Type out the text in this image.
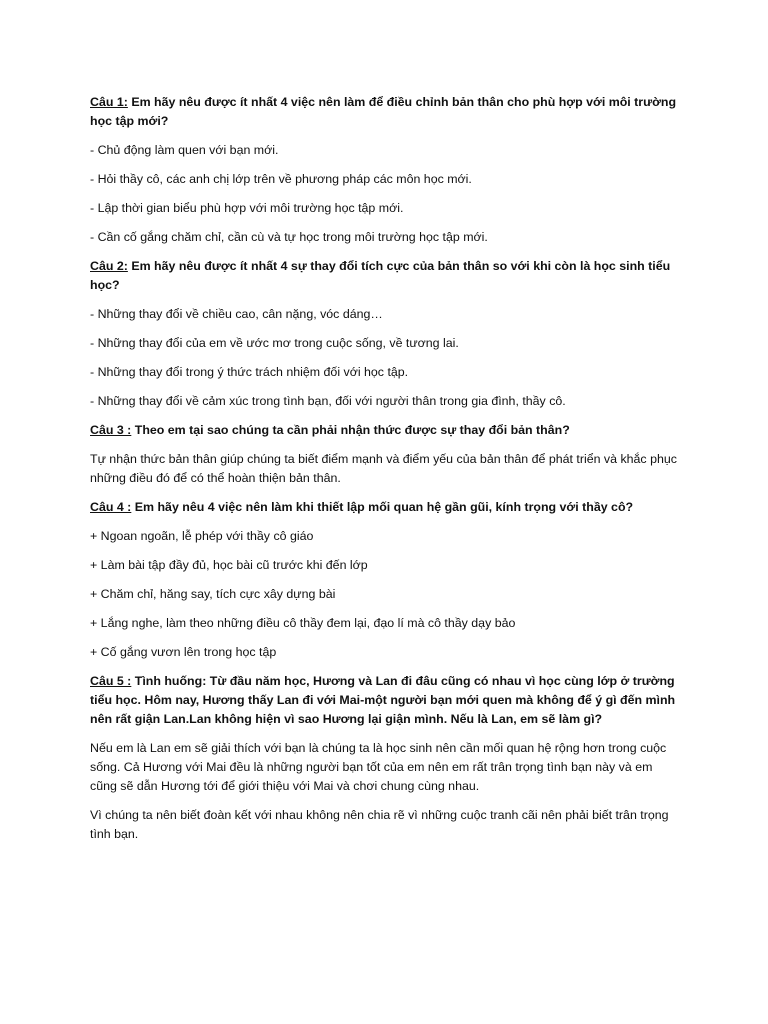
Câu 1: Em hãy nêu được ít nhất 4 việc nên làm để điều chỉnh bản thân cho phù hợp với môi trường học tập mới?

- Chủ động làm quen với bạn mới.

- Hỏi thầy cô, các anh chị lớp trên về phương pháp các môn học mới.

- Lập thời gian biểu phù hợp với môi trường học tập mới.

- Cần cố gắng chăm chỉ, cần cù và tự học trong môi trường học tập mới.

Câu 2: Em hãy nêu được ít nhất 4 sự thay đổi tích cực của bản thân so với khi còn là học sinh tiểu học?

- Những thay đổi về chiều cao, cân nặng, vóc dáng…

- Những thay đổi của em về ước mơ trong cuộc sống, về tương lai.

- Những thay đổi trong ý thức trách nhiệm đối với học tập.

- Những thay đổi về cảm xúc trong tình bạn, đối với người thân trong gia đình, thầy cô.

Câu 3 : Theo em tại sao chúng ta cần phải nhận thức được sự thay đổi bản thân?

Tự nhận thức bản thân giúp chúng ta biết điểm mạnh và điểm yếu của bản thân để phát triển và khắc phục những điều đó để có thể hoàn thiện bản thân.

Câu 4 : Em hãy nêu 4 việc nên làm khi thiết lập mối quan hệ gần gũi, kính trọng với thầy cô?

+ Ngoan ngoãn, lễ phép với thầy cô giáo

+ Làm bài tập đầy đủ, học bài cũ trước khi đến lớp

+ Chăm chỉ, hăng say, tích cực xây dựng bài

+ Lắng nghe, làm theo những điều cô thầy đem lại, đạo lí mà cô thầy dạy bảo

+ Cố gắng vươn lên trong học tập

Câu 5 : Tình huống: Từ đầu năm học, Hương và Lan đi đâu cũng có nhau vì học cùng lớp ở trường tiểu học. Hôm nay, Hương thấy Lan đi với Mai-một người bạn mới quen mà không để ý gì đến mình nên rất giận Lan.Lan không hiện vì sao Hương lại giận mình. Nếu là Lan, em sẽ làm gì?

Nếu em là Lan em sẽ giải thích với bạn là chúng ta là học sinh nên cần mối quan hệ rộng hơn trong cuộc sống. Cả Hương với Mai đều là những người bạn tốt của em nên em rất trân trọng tình bạn này và em cũng sẽ dẫn Hương tới để giới thiệu với Mai và chơi chung cùng nhau.

Vì chúng ta nên biết đoàn kết với nhau không nên chia rẽ vì những cuộc tranh cãi nên phải biết trân trọng tình bạn.
